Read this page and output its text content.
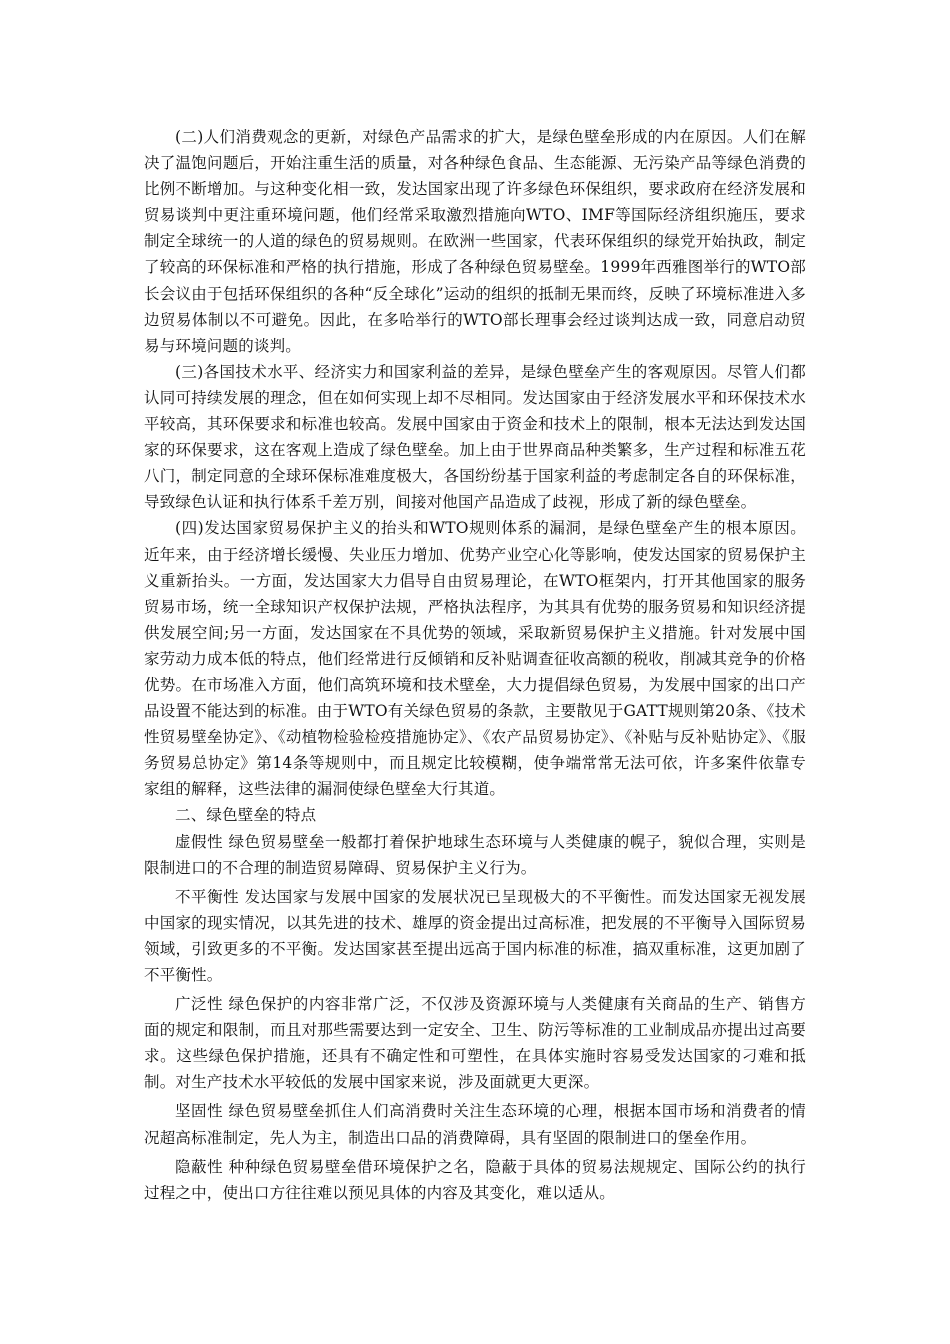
(二)人们消费观念的更新，对绿色产品需求的扩大，是绿色壁垒形成的内在原因。人们在解决了温饱问题后，开始注重生活的质量，对各种绿色食品、生态能源、无污染产品等绿色消费的比例不断增加。与这种变化相一致，发达国家出现了许多绿色环保组织，要求政府在经济发展和贸易谈判中更注重环境问题，他们经常采取激烈措施向WTO、IMF等国际经济组织施压，要求制定全球统一的人道的绿色的贸易规则。在欧洲一些国家，代表环保组织的绿党开始执政，制定了较高的环保标准和严格的执行措施，形成了各种绿色贸易壁垒。1999年西雅图举行的WTO部长会议由于包括环保组织的各种“反全球化”运动的组织的抵制无果而终，反映了环境标准进入多边贸易体制以不可避免。因此，在多哈举行的WTO部长理事会经过谈判达成一致，同意启动贸易与环境问题的谈判。

(三)各国技术水平、经济实力和国家利益的差异，是绿色壁垒产生的客观原因。尽管人们都认同可持续发展的理念，但在如何实现上却不尽相同。发达国家由于经济发展水平和环保技术水平较高，其环保要求和标准也较高。发展中国家由于资金和技术上的限制，根本无法达到发达国家的环保要求，这在客观上造成了绿色壁垒。加上由于世界商品种类繁多，生产过程和标准五花八门，制定同意的全球环保标准难度极大，各国纷纷基于国家利益的考虑制定各自的环保标准，导致绿色认证和执行体系千差万别，间接对他国产品造成了歧视，形成了新的绿色壁垒。

(四)发达国家贸易保护主义的抬头和WTO规则体系的漏洞，是绿色壁垒产生的根本原因。近年来，由于经济增长缓慢、失业压力增加、优势产业空心化等影响，使发达国家的贸易保护主义重新抬头。一方面，发达国家大力倡导自由贸易理论，在WTO框架内，打开其他国家的服务贸易市场，统一全球知识产权保护法规，严格执法程序，为其具有优势的服务贸易和知识经济提供发展空间;另一方面，发达国家在不具优势的领域，采取新贸易保护主义措施。针对发展中国家劳动力成本低的特点，他们经常进行反倾销和反补贴调查征收高额的税收，削减其竞争的价格优势。在市场准入方面，他们高筑环境和技术壁垒，大力提倡绿色贸易，为发展中国家的出口产品设置不能达到的标准。由于WTO有关绿色贸易的条款，主要散见于GATT规则第20条、《技术性贸易壁垒协定》、《动植物检验检疫措施协定》、《农产品贸易协定》、《补贴与反补贴协定》、《服务贸易总协定》第14条等规则中，而且规定比较模糊，使争端常常无法可依，许多案件依靠专家组的解释，这些法律的漏洞使绿色壁垒大行其道。

二、绿色壁垒的特点

虚假性 绿色贸易壁垒一般都打着保护地球生态环境与人类健康的幌子，貌似合理，实则是限制进口的不合理的制造贸易障碍、贸易保护主义行为。

不平衡性 发达国家与发展中国家的发展状况已呈现极大的不平衡性。而发达国家无视发展中国家的现实情况，以其先进的技术、雄厚的资金提出过高标准，把发展的不平衡导入国际贸易领域，引致更多的不平衡。发达国家甚至提出远高于国内标准的标准，搞双重标准，这更加剧了不平衡性。

广泛性 绿色保护的内容非常广泛，不仅涉及资源环境与人类健康有关商品的生产、销售方面的规定和限制，而且对那些需要达到一定安全、卫生、防污等标准的工业制成品亦提出过高要求。这些绿色保护措施，还具有不确定性和可塑性，在具体实施时容易受发达国家的刁难和抵制。对生产技术水平较低的发展中国家来说，涉及面就更大更深。

坚固性 绿色贸易壁垒抓住人们高消费时关注生态环境的心理，根据本国市场和消费者的情况超高标准制定，先人为主，制造出口品的消费障碍，具有坚固的限制进口的堡垒作用。

隐蔽性 种种绿色贸易壁垒借环境保护之名，隐蔽于具体的贸易法规规定、国际公约的执行过程之中，使出口方往往难以预见具体的内容及其变化，难以适从。
